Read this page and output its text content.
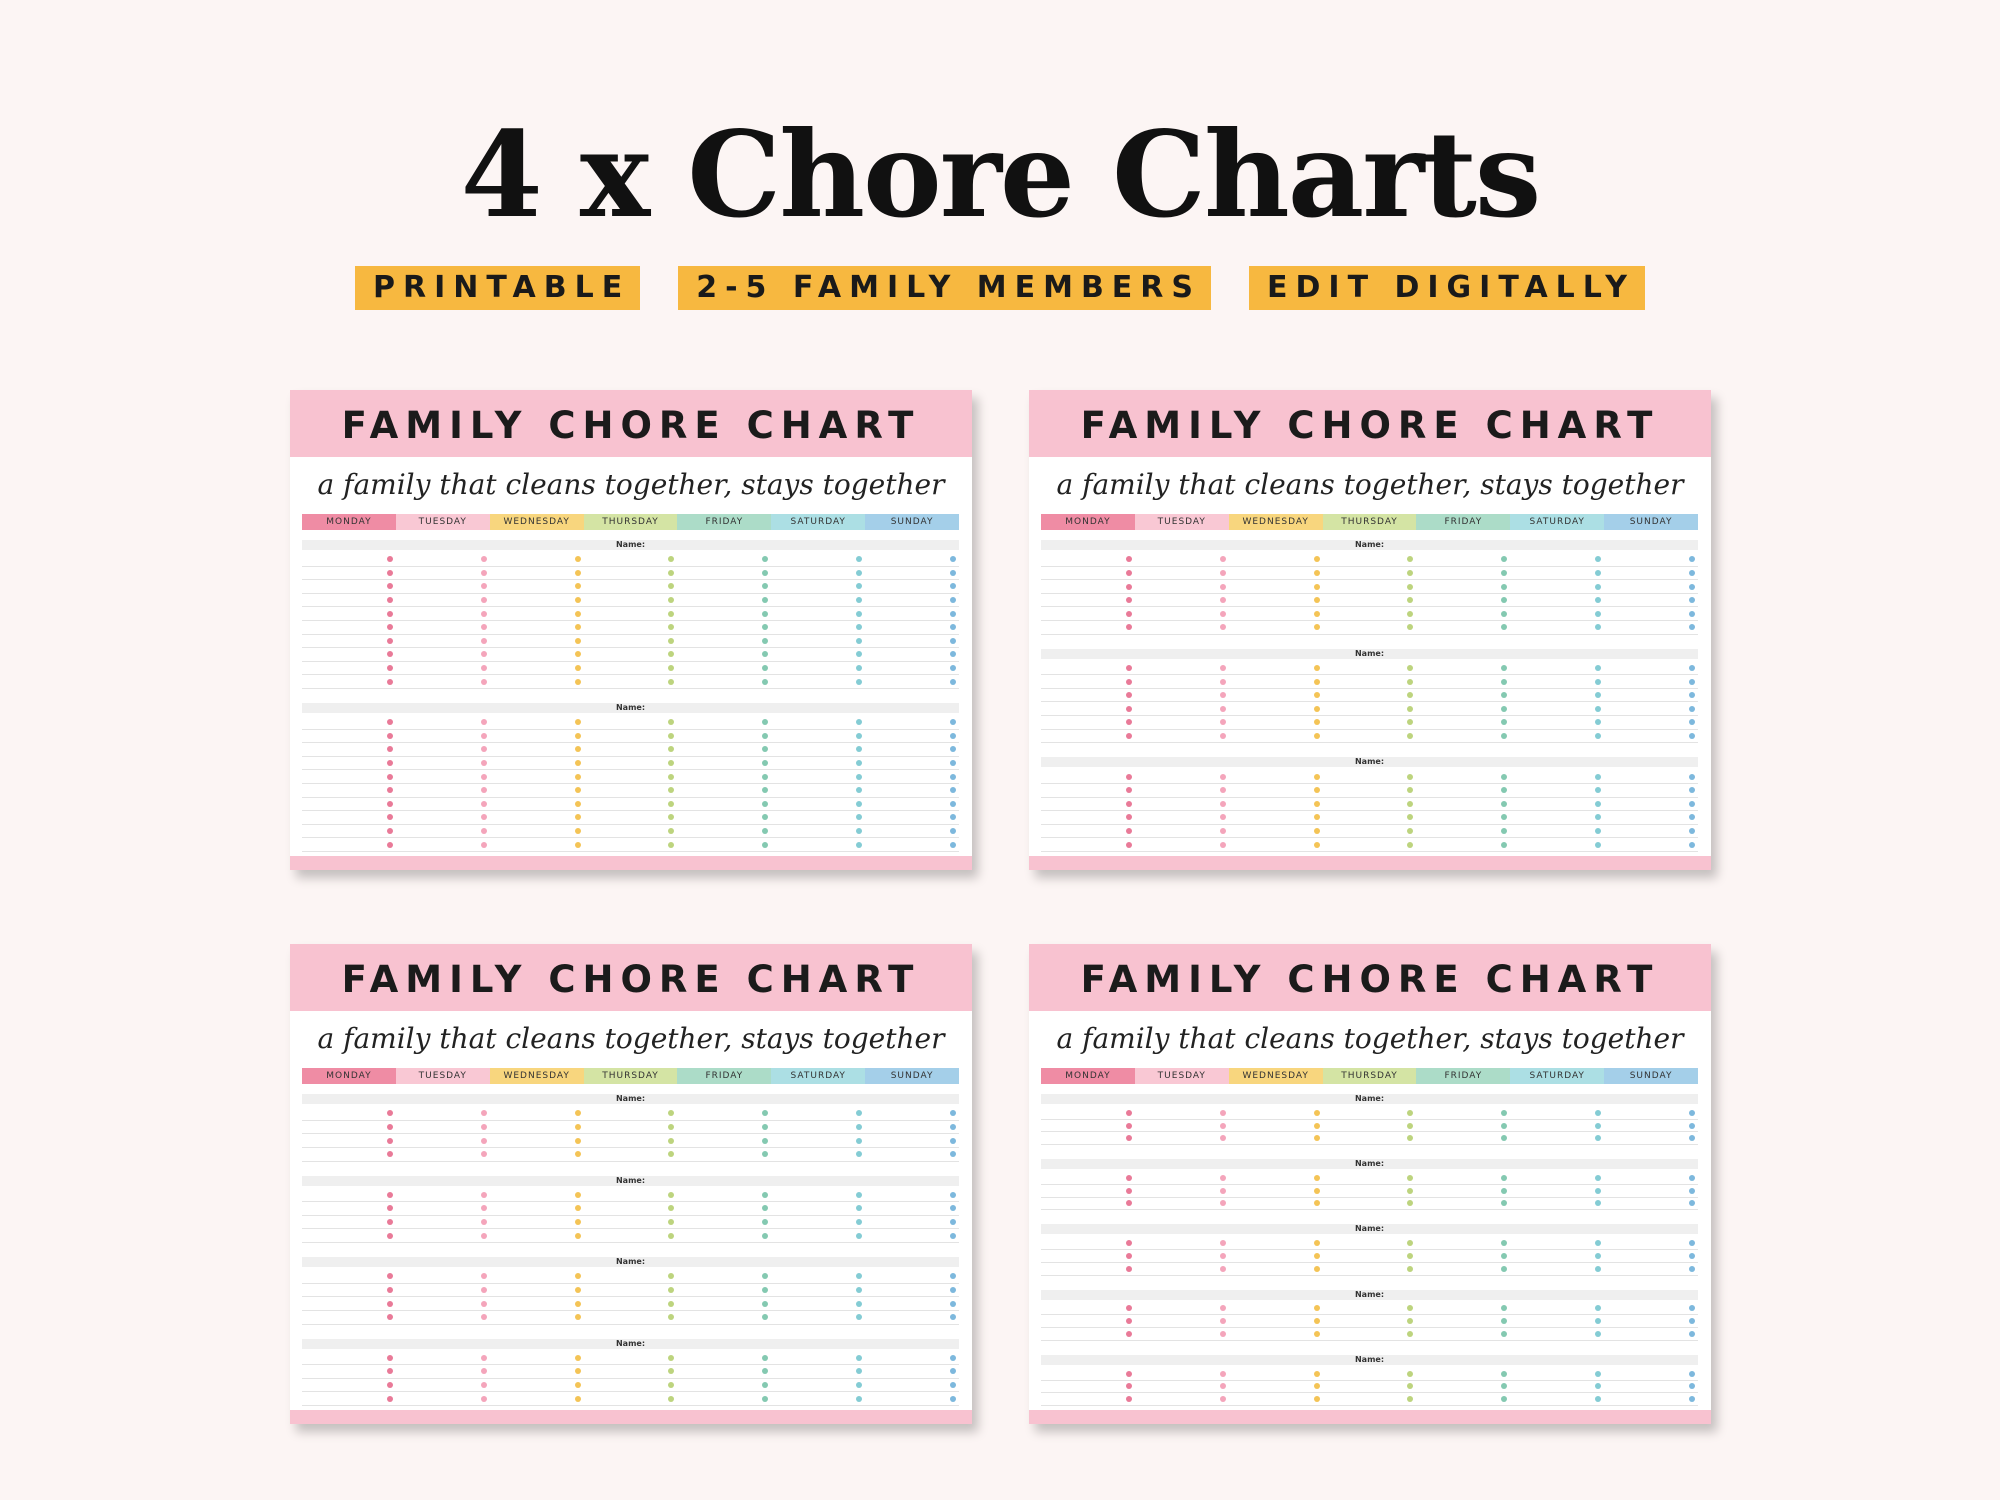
4 x Chore Charts
PRINTABLE	2-5 FAMILY MEMBERS	EDIT DIGITALLY
FAMILY CHORE CHART
a family that cleans together, stays together
MONDAY	TUESDAY	WEDNESDAY	THURSDAY	FRIDAY	SATURDAY	SUNDAY
Name:
Name:
FAMILY CHORE CHART
a family that cleans together, stays together
MONDAY	TUESDAY	WEDNESDAY	THURSDAY	FRIDAY	SATURDAY	SUNDAY
Name:
Name:
Name:
FAMILY CHORE CHART
a family that cleans together, stays together
MONDAY	TUESDAY	WEDNESDAY	THURSDAY	FRIDAY	SATURDAY	SUNDAY
Name:
Name:
Name:
Name:
FAMILY CHORE CHART
a family that cleans together, stays together
MONDAY	TUESDAY	WEDNESDAY	THURSDAY	FRIDAY	SATURDAY	SUNDAY
Name:
Name:
Name:
Name:
Name:
